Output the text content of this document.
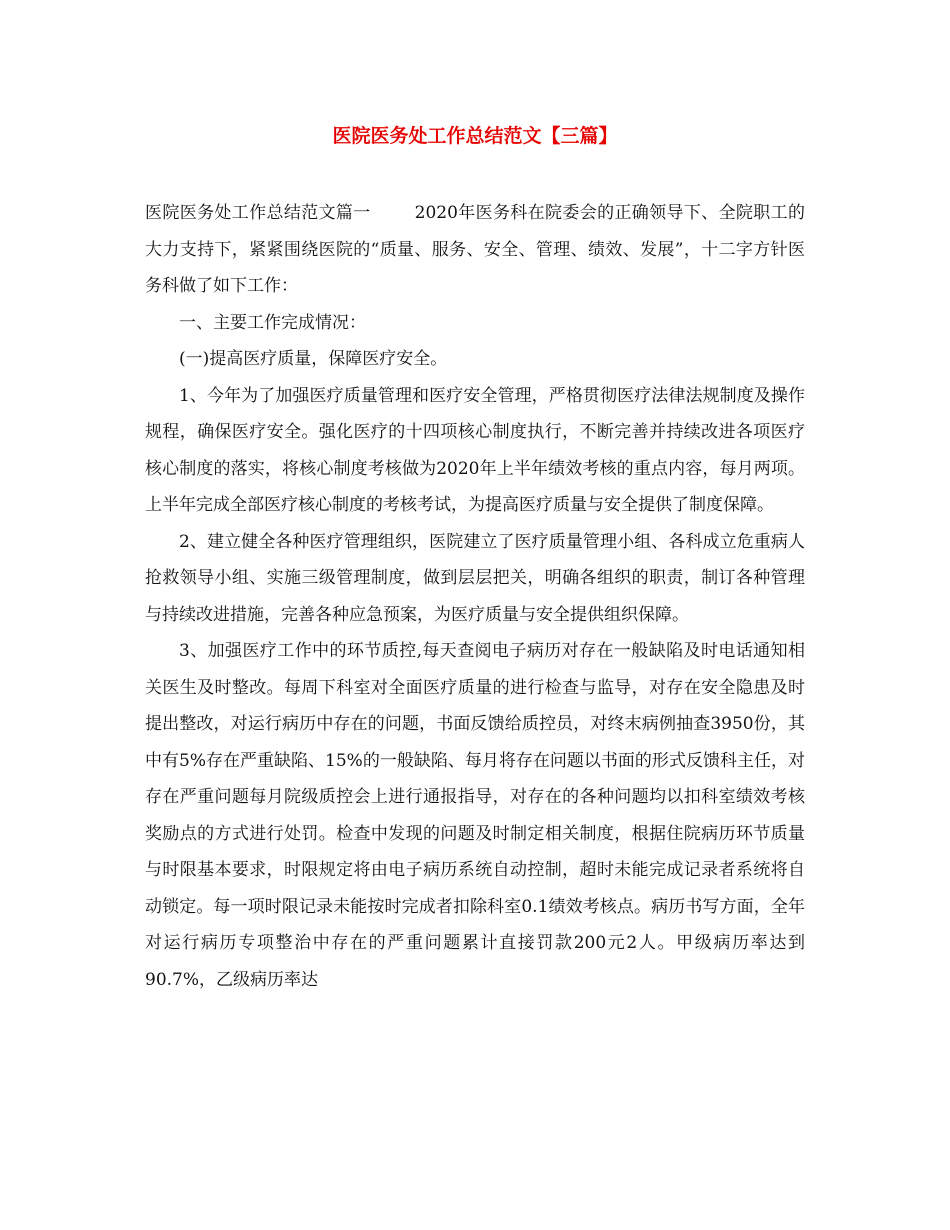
医院医务处工作总结范文【三篇】

医院医务处工作总结范文篇一	2020年医务科在院委会的正确领导下、全院职工的大力支持下，紧紧围绕医院的“质量、服务、安全、管理、绩效、发展”，十二字方针医务科做了如下工作：

一、主要工作完成情况：

(一)提高医疗质量，保障医疗安全。

1、今年为了加强医疗质量管理和医疗安全管理，严格贯彻医疗法律法规制度及操作规程，确保医疗安全。强化医疗的十四项核心制度执行，不断完善并持续改进各项医疗核心制度的落实，将核心制度考核做为2020年上半年绩效考核的重点内容，每月两项。上半年完成全部医疗核心制度的考核考试，为提高医疗质量与安全提供了制度保障。

2、建立健全各种医疗管理组织，医院建立了医疗质量管理小组、各科成立危重病人抢救领导小组、实施三级管理制度，做到层层把关，明确各组织的职责，制订各种管理与持续改进措施，完善各种应急预案，为医疗质量与安全提供组织保障。

3、加强医疗工作中的环节质控,每天查阅电子病历对存在一般缺陷及时电话通知相关医生及时整改。每周下科室对全面医疗质量的进行检查与监导，对存在安全隐患及时提出整改，对运行病历中存在的问题，书面反馈给质控员，对终末病例抽查3950份，其中有5%存在严重缺陷、15%的一般缺陷、每月将存在问题以书面的形式反馈科主任，对存在严重问题每月院级质控会上进行通报指导，对存在的各种问题均以扣科室绩效考核奖励点的方式进行处罚。检查中发现的问题及时制定相关制度，根据住院病历环节质量与时限基本要求，时限规定将由电子病历系统自动控制，超时未能完成记录者系统将自动锁定。每一项时限记录未能按时完成者扣除科室0.1绩效考核点。病历书写方面，全年对运行病历专项整治中存在的严重问题累计直接罚款200元2人。甲级病历率达到90.7%，乙级病历率达
